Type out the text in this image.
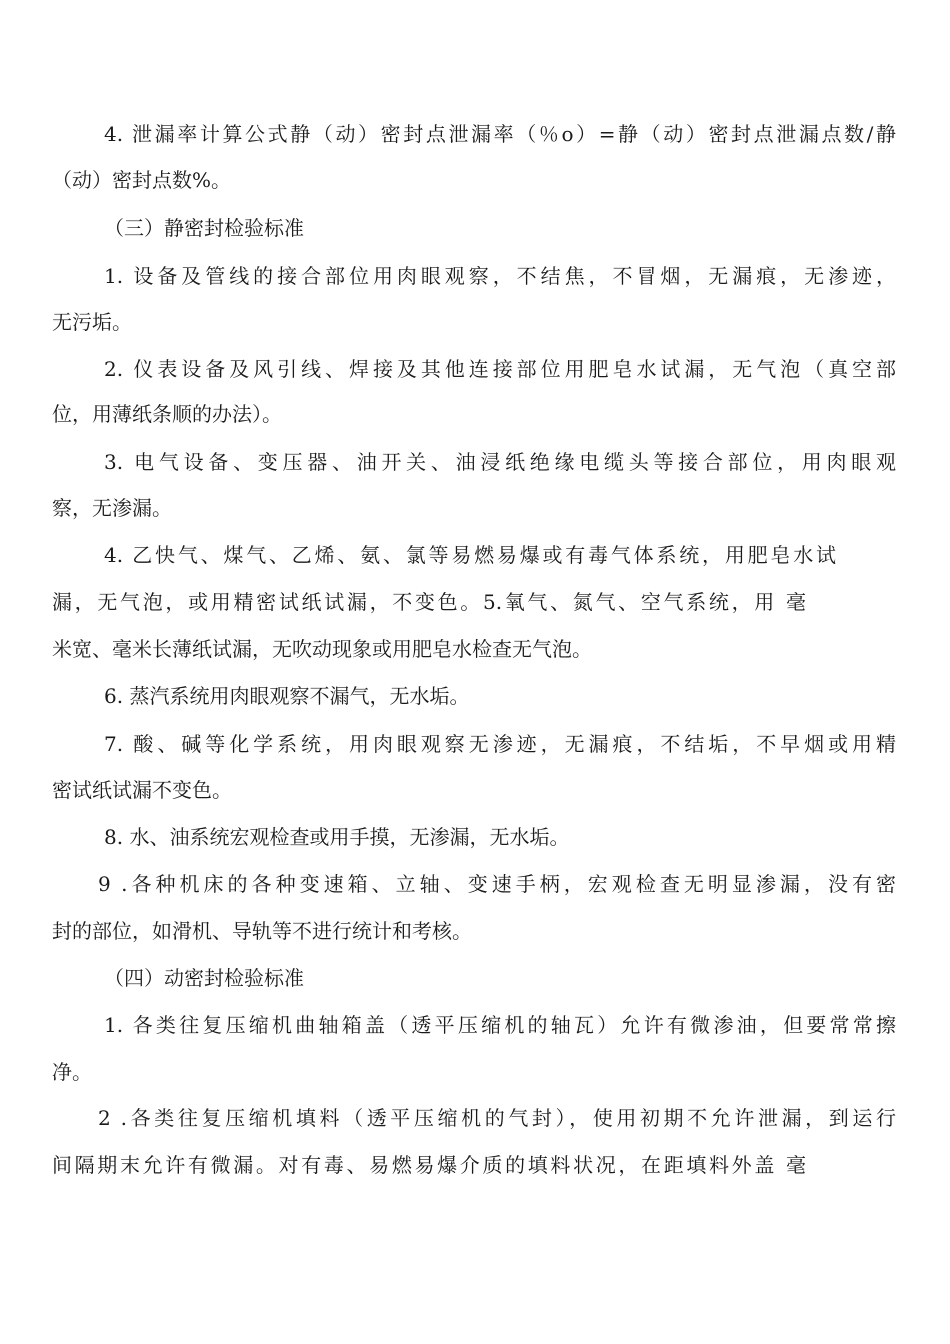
4. 泄漏率计算公式静（动）密封点泄漏率（％o）=静（动）密封点泄漏点数/静
（动）密封点数%。
（三）静密封检验标准
1. 设备及管线的接合部位用肉眼观察，不结焦，不冒烟，无漏痕，无渗迹，
无污垢。
2. 仪表设备及风引线、焊接及其他连接部位用肥皂水试漏，无气泡（真空部
位，用薄纸条顺的办法）。
3. 电气设备、变压器、油开关、油浸纸绝缘电缆头等接合部位，用肉眼观
察，无渗漏。
4. 乙快气、煤气、乙烯、氨、氯等易燃易爆或有毒气体系统，用肥皂水试
漏，无气泡，或用精密试纸试漏，不变色。5.氧气、氮气、空气系统，用 毫
米宽、毫米长薄纸试漏，无吹动现象或用肥皂水检查无气泡。
6. 蒸汽系统用肉眼观察不漏气，无水垢。
7. 酸、碱等化学系统，用肉眼观察无渗迹，无漏痕，不结垢，不早烟或用精
密试纸试漏不变色。
8. 水、油系统宏观检查或用手摸，无渗漏，无水垢。
9 .各种机床的各种变速箱、立轴、变速手柄，宏观检查无明显渗漏，没有密
封的部位，如滑机、导轨等不进行统计和考核。
（四）动密封检验标准
1. 各类往复压缩机曲轴箱盖（透平压缩机的轴瓦）允许有微渗油，但要常常擦
净。
2 .各类往复压缩机填料（透平压缩机的气封），使用初期不允许泄漏，到运行
间隔期末允许有微漏。对有毒、易燃易爆介质的填料状况，在距填料外盖 毫
